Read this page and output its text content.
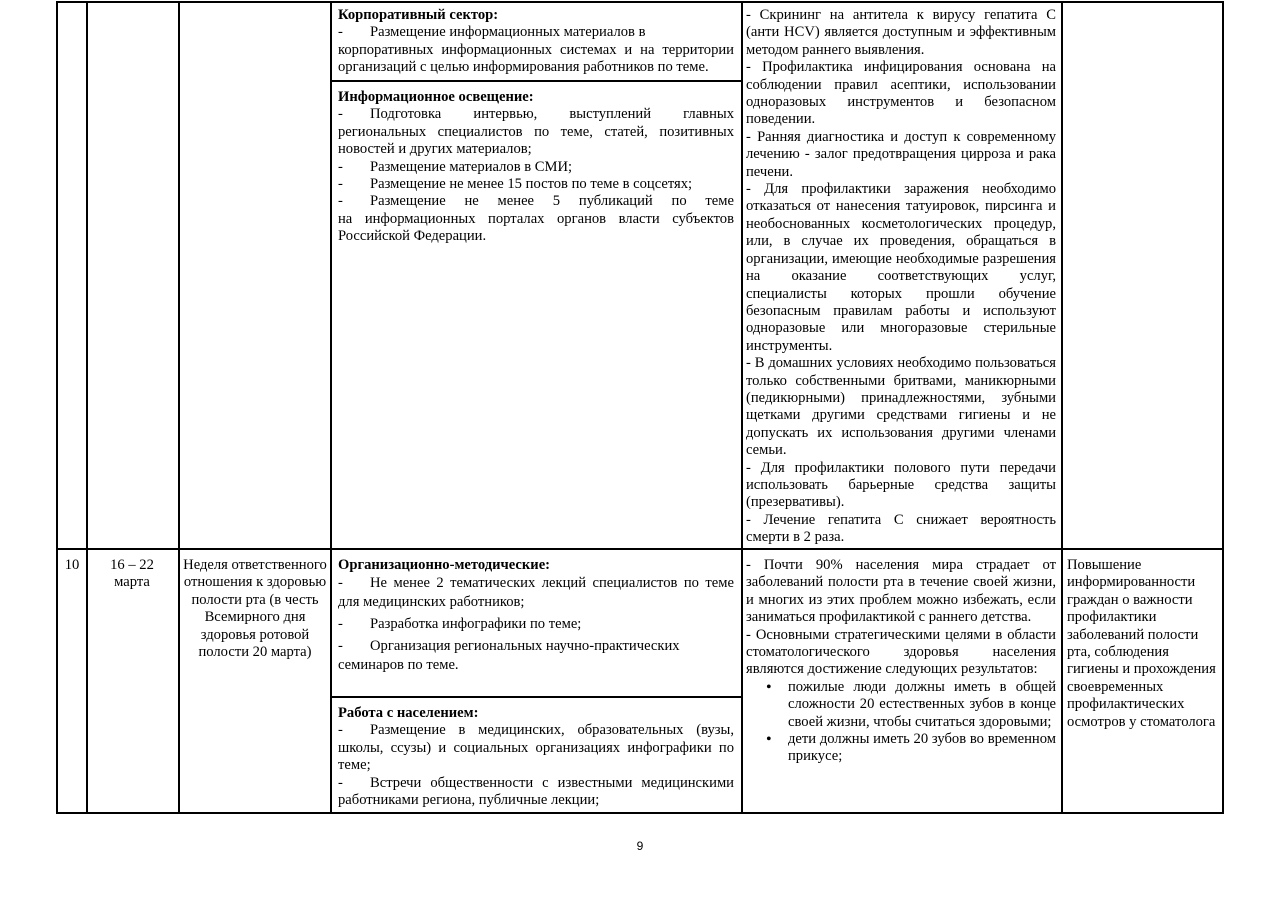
Корпоративный сектор:

- Размещение информационных материалов в

корпоративных информационных системах и на территории организаций с целью информирования работников по теме.

Информационное освещение:

- Подготовка интервью, выступлений главных

региональных специалистов по теме, статей, позитивных новостей и других материалов;

- Размещение материалов в СМИ;

- Размещение не менее 15 постов по теме в соцсетях;

- Размещение не менее 5 публикаций по теме

на информационных порталах органов власти субъектов Российской Федерации.

- Скрининг на антитела к вирусу гепатита C (анти HCV) является доступным и эффективным методом раннего выявления.

- Профилактика инфицирования основана на соблюдении правил асептики, использовании одноразовых инструментов и безопасном поведении.

- Ранняя диагностика и доступ к современному лечению - залог предотвращения цирроза и рака печени.

- Для профилактики заражения необходимо отказаться от нанесения татуировок, пирсинга и необоснованных косметологических процедур, или, в случае их проведения, обращаться в организации, имеющие необходимые разрешения на оказание соответствующих услуг, специалисты которых прошли обучение безопасным правилам работы и используют одноразовые или многоразовые стерильные инструменты.

- В домашних условиях необходимо пользоваться только собственными бритвами, маникюрными (педикюрными) принадлежностями, зубными щетками другими средствами гигиены и не допускать их использования другими членами семьи.

- Для профилактики полового пути передачи использовать барьерные средства защиты (презервативы).

- Лечение гепатита C снижает вероятность смерти в 2 раза.

10	16 – 22 марта
Неделя ответственного отношения к здоровью полости рта (в честь Всемирного дня здоровья ротовой полости 20 марта)

Организационно-методические:

- Не менее 2 тематических лекций специалистов по теме

для медицинских работников;

- Разработка инфографики по теме;

- Организация региональных научно-практических

семинаров по теме.

Работа с населением:

- Размещение в медицинских, образовательных (вузы,

школы, ссузы) и социальных организациях инфографики по теме;

- Встречи общественности с известными медицинскими

работниками региона, публичные лекции;

- Почти 90% населения мира страдает от заболеваний полости рта в течение своей жизни, и многих из этих проблем можно избежать, если заниматься профилактикой с раннего детства.

- Основными стратегическими целями в области стоматологического здоровья населения являются достижение следующих результатов:

• пожилые люди должны иметь в общей сложности 20 естественных зубов в конце своей жизни, чтобы считаться здоровыми;
• дети должны иметь 20 зубов во временном прикусе;
Повышение информированности граждан о важности профилактики заболеваний полости рта, соблюдения гигиены и прохождения своевременных профилактических осмотров у стоматолога
9
